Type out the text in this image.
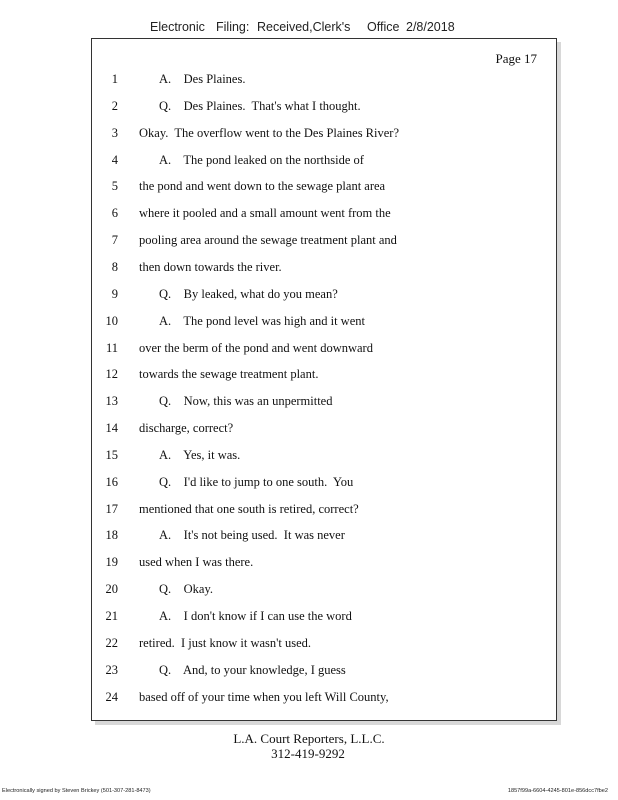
Electronic Filing: Received,Clerk's Office 2/8/2018
Page 17
1	A.    Des Plaines.
2	Q.    Des Plaines.  That's what I thought.
3 Okay.  The overflow went to the Des Plaines River?
4	A.    The pond leaked on the northside of
5 the pond and went down to the sewage plant area
6 where it pooled and a small amount went from the
7 pooling area around the sewage treatment plant and
8 then down towards the river.
9	Q.    By leaked, what do you mean?
10	A.    The pond level was high and it went
11 over the berm of the pond and went downward
12 towards the sewage treatment plant.
13	Q.    Now, this was an unpermitted
14 discharge, correct?
15	A.    Yes, it was.
16	Q.    I'd like to jump to one south.  You
17 mentioned that one south is retired, correct?
18	A.    It's not being used.  It was never
19 used when I was there.
20	Q.    Okay.
21	A.    I don't know if I can use the word
22 retired.  I just know it wasn't used.
23	Q.    And, to your knowledge, I guess
24 based off of your time when you left Will County,
L.A. Court Reporters, L.L.C.
312-419-9292
Electronically signed by Steven Brickey (501-307-281-8473)	1857f99a-6604-4245-801e-856dcc7fbe2
